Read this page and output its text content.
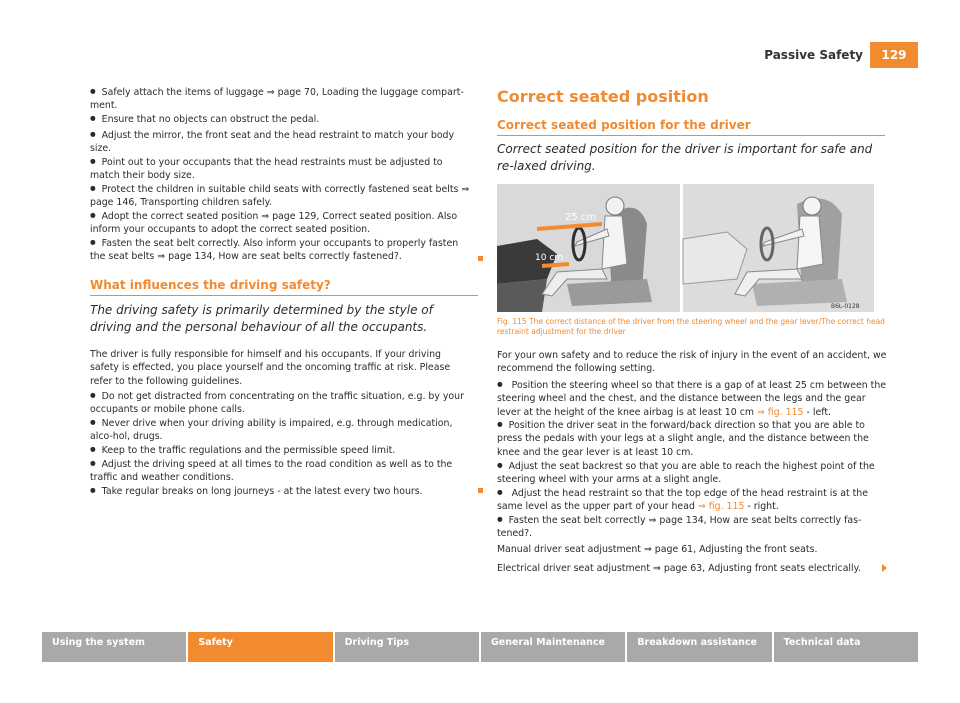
Passive Safety	129

● Safely attach the items of luggage ⇒ page 70, Loading the luggage compart-ment.

● Ensure that no objects can obstruct the pedal.

● Adjust the mirror, the front seat and the head restraint to match your body size.

● Point out to your occupants that the head restraints must be adjusted to match their body size.

● Protect the children in suitable child seats with correctly fastened seat belts ⇒ page 146, Transporting children safely.

● Adopt the correct seated position ⇒ page 129, Correct seated position. Also inform your occupants to adopt the correct seated position.

● Fasten the seat belt correctly. Also inform your occupants to properly fasten the seat belts ⇒ page 134, How are seat belts correctly fastened?.

What influences the driving safety?

The driving safety is primarily determined by the style of driving and the personal behaviour of all the occupants.

The driver is fully responsible for himself and his occupants. If your driving safety is effected, you place yourself and the oncoming traffic at risk. Please refer to the following guidelines.

● Do not get distracted from concentrating on the traffic situation, e.g. by your occupants or mobile phone calls.

● Never drive when your driving ability is impaired, e.g. through medication, alco-hol, drugs.

● Keep to the traffic regulations and the permissible speed limit.

● Adjust the driving speed at all times to the road condition as well as to the traffic and weather conditions.

● Take regular breaks on long journeys - at the latest every two hours.

Correct seated position
Correct seated position for the driver

Correct seated position for the driver is important for safe and re-laxed driving.

25 cm
10 cm
B6L-0128

Fig. 115 The correct distance of the driver from the steering wheel and the gear lever/The correct head restraint adjustment for the driver

For your own safety and to reduce the risk of injury in the event of an accident, we recommend the following setting.

● Position the steering wheel so that there is a gap of at least 25 cm between the steering wheel and the chest, and the distance between the legs and the gear lever at the height of the knee airbag is at least 10 cm ⇒ fig. 115 - left.

● Position the driver seat in the forward/back direction so that you are able to press the pedals with your legs at a slight angle, and the distance between the knee and the gear lever is at least 10 cm.

● Adjust the seat backrest so that you are able to reach the highest point of the steering wheel with your arms at a slight angle.

● Adjust the head restraint so that the top edge of the head restraint is at the same level as the upper part of your head ⇒ fig. 115 - right.

● Fasten the seat belt correctly ⇒ page 134, How are seat belts correctly fas-tened?.

Manual driver seat adjustment ⇒ page 61, Adjusting the front seats.

Electrical driver seat adjustment ⇒ page 63, Adjusting front seats electrically.

Using the system	Safety	Driving Tips	General Maintenance	Breakdown assistance	Technical data
